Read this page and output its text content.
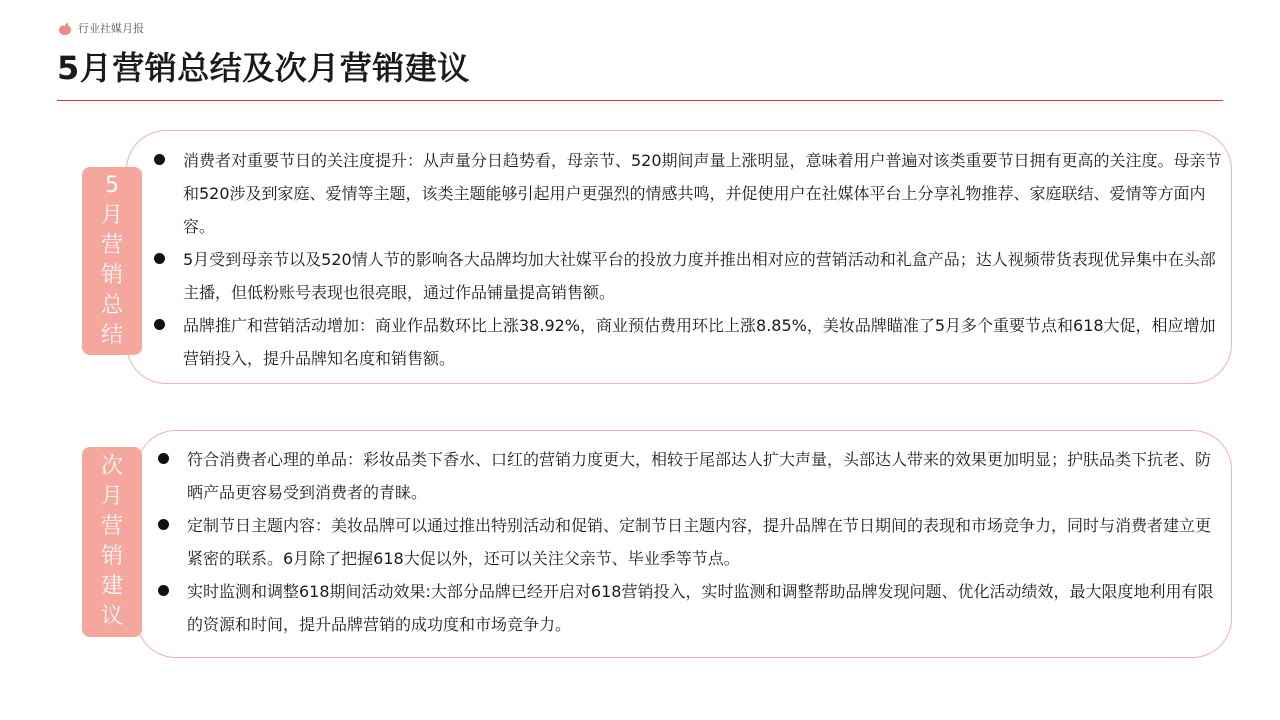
行业社媒月报
5月营销总结及次月营销建议
5
月
营
销
总
结
消费者对重要节日的关注度提升：从声量分日趋势看，母亲节、520期间声量上涨明显，意味着用户普遍对该类重要节日拥有更高的关注度。母亲节和520涉及到家庭、爱情等主题，该类主题能够引起用户更强烈的情感共鸣，并促使用户在社媒体平台上分享礼物推荐、家庭联结、爱情等方面内容。
5月受到母亲节以及520情人节的影响各大品牌均加大社媒平台的投放力度并推出相对应的营销活动和礼盒产品；达人视频带货表现优异集中在头部主播，但低粉账号表现也很亮眼，通过作品铺量提高销售额。
品牌推广和营销活动增加：商业作品数环比上涨38.92%，商业预估费用环比上涨8.85%，美妆品牌瞄准了5月多个重要节点和618大促，相应增加营销投入，提升品牌知名度和销售额。
次
月
营
销
建
议
符合消费者心理的单品：彩妆品类下香水、口红的营销力度更大，相较于尾部达人扩大声量，头部达人带来的效果更加明显；护肤品类下抗老、防晒产品更容易受到消费者的青睐。
定制节日主题内容：美妆品牌可以通过推出特别活动和促销、定制节日主题内容，提升品牌在节日期间的表现和市场竞争力，同时与消费者建立更紧密的联系。6月除了把握618大促以外，还可以关注父亲节、毕业季等节点。
实时监测和调整618期间活动效果:大部分品牌已经开启对618营销投入，实时监测和调整帮助品牌发现问题、优化活动绩效，最大限度地利用有限的资源和时间，提升品牌营销的成功度和市场竞争力。
